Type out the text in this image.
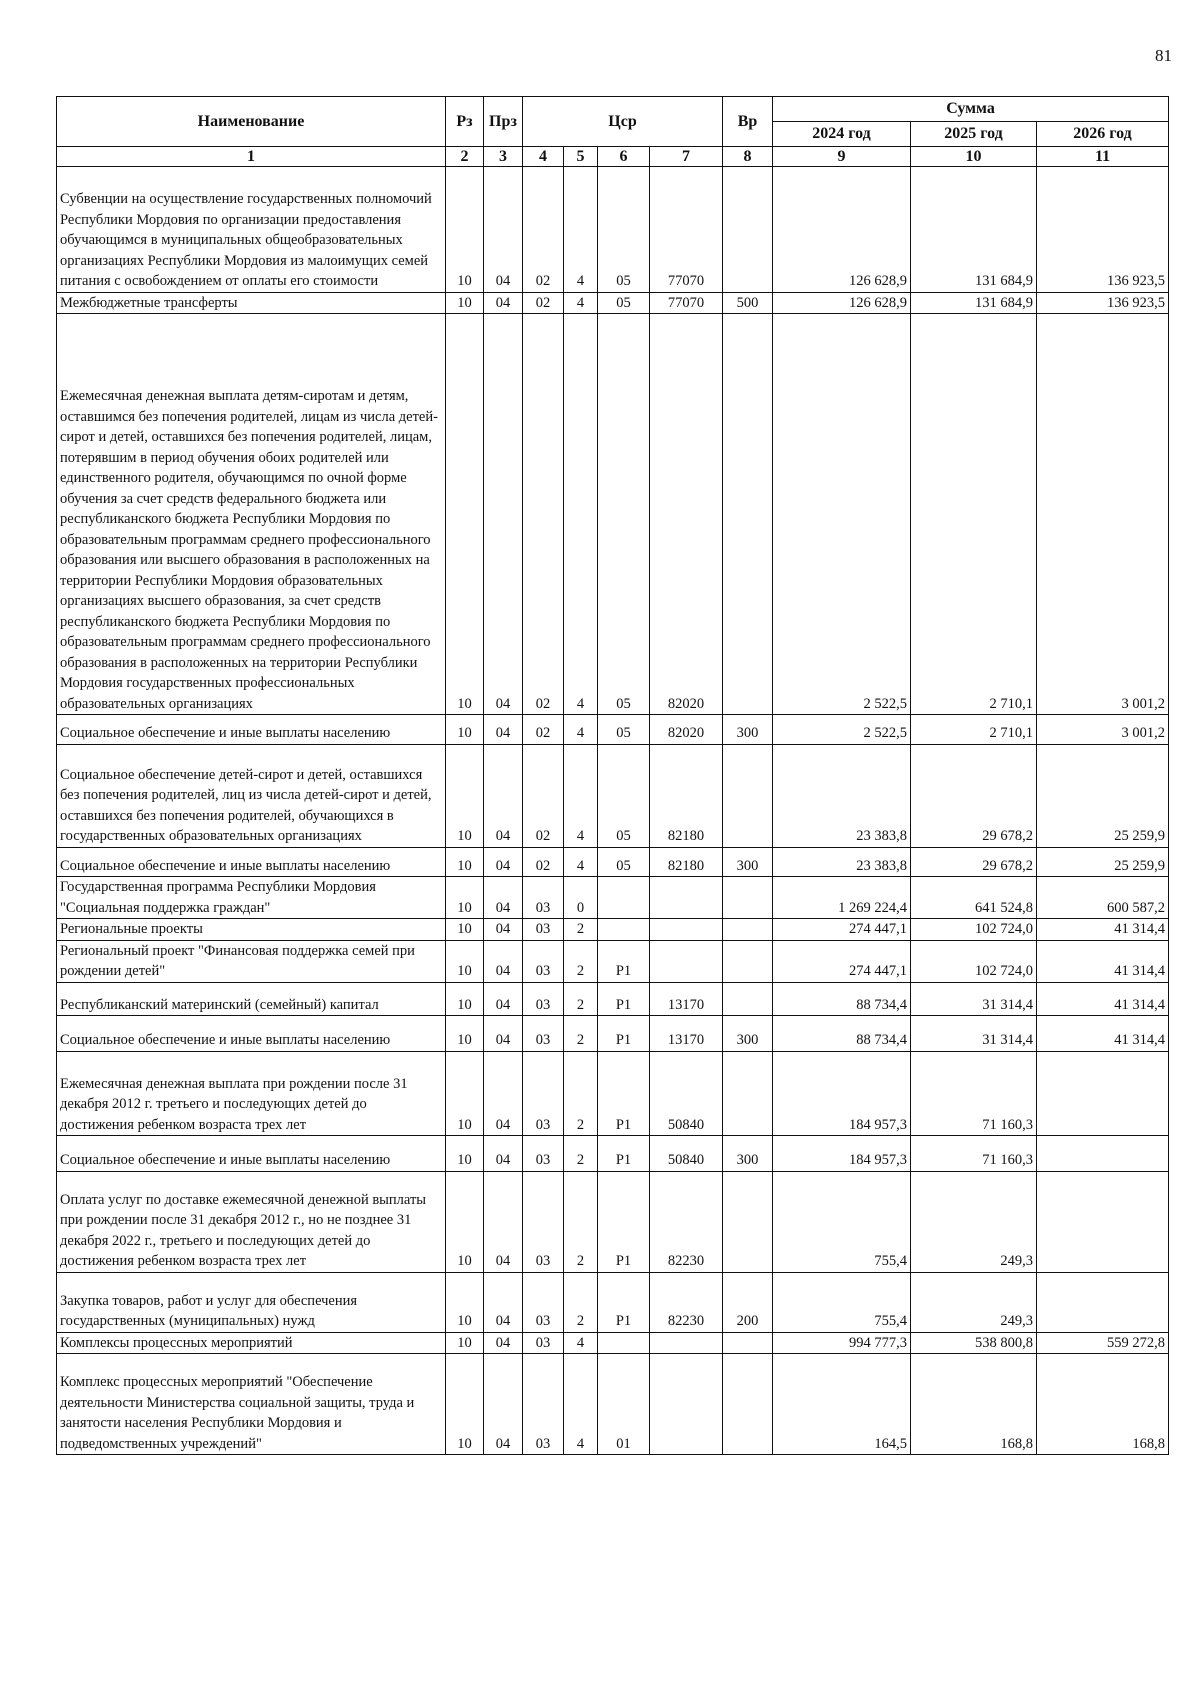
81
Наименование	Рз	Прз	Цср				Вр	Сумма		
								2024 год	2025 год	2026 год
1	2	3	4	5	6	7	8	9	10	11
Субвенции на осуществление государственных полномочий Республики Мордовия по организации предоставления обучающимся в муниципальных общеобразовательных организациях Республики Мордовия из малоимущих семей питания с освобождением от оплаты его стоимости	10	04	02	4	05	77070		126 628,9	131 684,9	136 923,5
Межбюджетные трансферты	10	04	02	4	05	77070	500	126 628,9	131 684,9	136 923,5
Ежемесячная денежная выплата детям-сиротам и детям, оставшимся без попечения родителей, лицам из числа детей-сирот и детей, оставшихся без попечения родителей, лицам, потерявшим в период обучения обоих родителей или единственного родителя, обучающимся по очной форме обучения за счет средств федерального бюджета или республиканского бюджета Республики Мордовия по образовательным программам среднего профессионального образования или высшего образования в расположенных на территории Республики Мордовия образовательных организациях высшего образования, за счет средств республиканского бюджета Республики Мордовия по образовательным программам среднего профессионального образования в расположенных на территории Республики Мордовия государственных профессиональных образовательных организациях	10	04	02	4	05	82020		2 522,5	2 710,1	3 001,2
Социальное обеспечение и иные выплаты населению	10	04	02	4	05	82020	300	2 522,5	2 710,1	3 001,2
Социальное обеспечение детей-сирот и детей, оставшихся без попечения родителей, лиц из числа детей-сирот и детей, оставшихся без попечения родителей, обучающихся в государственных образовательных организациях	10	04	02	4	05	82180		23 383,8	29 678,2	25 259,9
Социальное обеспечение и иные выплаты населению	10	04	02	4	05	82180	300	23 383,8	29 678,2	25 259,9
Государственная программа Республики Мордовия "Социальная поддержка граждан"	10	04	03	0				1 269 224,4	641 524,8	600 587,2
Региональные проекты	10	04	03	2				274 447,1	102 724,0	41 314,4
Региональный проект "Финансовая поддержка семей при рождении детей"	10	04	03	2	Р1			274 447,1	102 724,0	41 314,4
Республиканский материнский (семейный) капитал	10	04	03	2	Р1	13170		88 734,4	31 314,4	41 314,4
Социальное обеспечение и иные выплаты населению	10	04	03	2	Р1	13170	300	88 734,4	31 314,4	41 314,4
Ежемесячная денежная выплата при рождении после 31 декабря 2012 г. третьего и последующих детей до достижения ребенком возраста трех лет	10	04	03	2	Р1	50840		184 957,3	71 160,3	
Социальное обеспечение и иные выплаты населению	10	04	03	2	Р1	50840	300	184 957,3	71 160,3	
Оплата услуг по доставке ежемесячной денежной выплаты при рождении после 31 декабря 2012 г., но не позднее 31 декабря 2022 г., третьего и последующих детей до достижения ребенком возраста трех лет	10	04	03	2	Р1	82230		755,4	249,3	
Закупка товаров, работ и услуг для обеспечения государственных (муниципальных) нужд	10	04	03	2	Р1	82230	200	755,4	249,3	
Комплексы процессных мероприятий	10	04	03	4				994 777,3	538 800,8	559 272,8
Комплекс процессных мероприятий "Обеспечение деятельности Министерства социальной защиты, труда и занятости населения Республики Мордовия и подведомственных учреждений"	10	04	03	4	01			164,5	168,8	168,8
